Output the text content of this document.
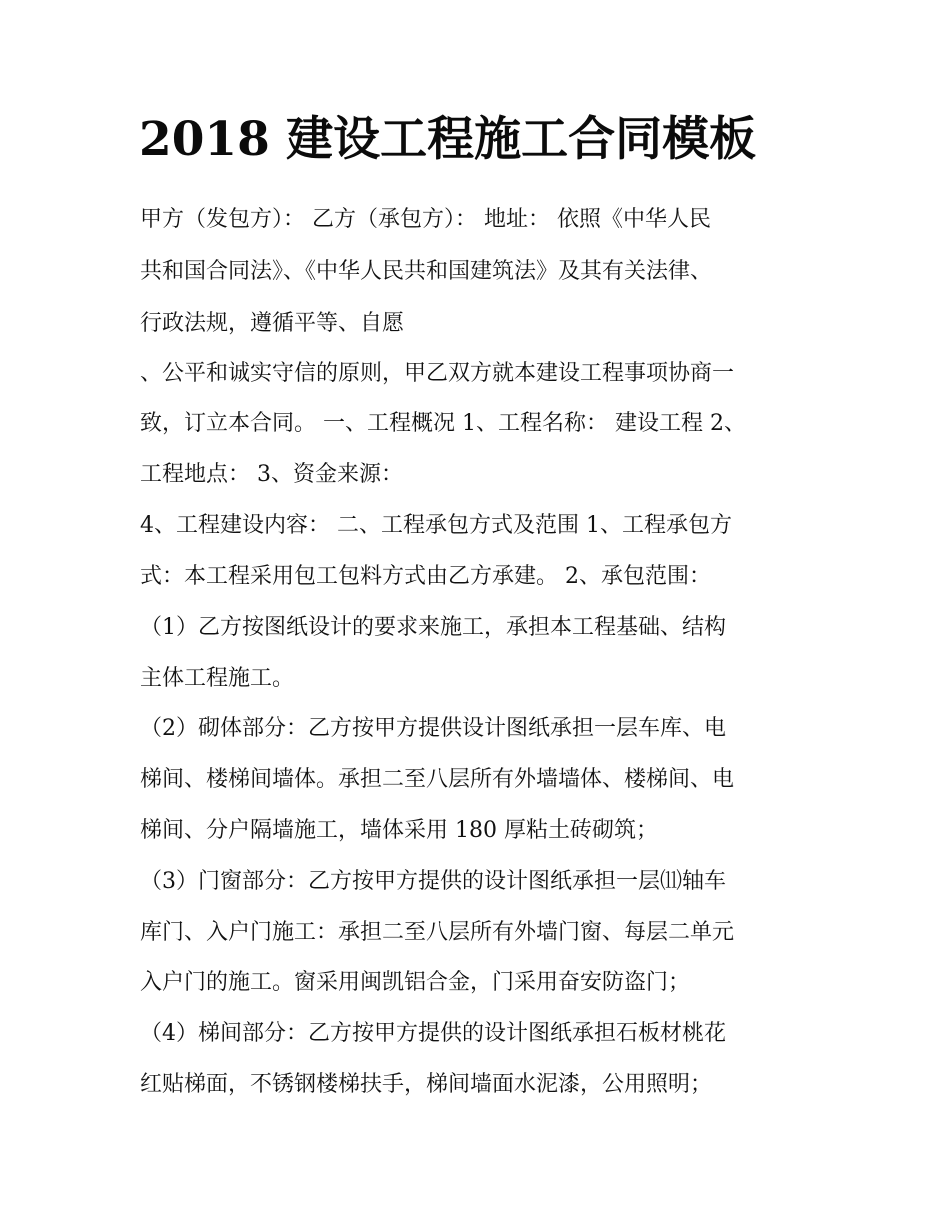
2018 建设工程施工合同模板
甲方（发包方）： 乙方（承包方）： 地址： 依照《中华人民
共和国合同法》、《中华人民共和国建筑法》及其有关法律、
行政法规，遵循平等、自愿
、公平和诚实守信的原则，甲乙双方就本建设工程事项协商一
致，订立本合同。 一、工程概况 1、工程名称： 建设工程 2、
工程地点： 3、资金来源：
4、工程建设内容： 二、工程承包方式及范围 1、工程承包方
式：本工程采用包工包料方式由乙方承建。 2、承包范围：
（1）乙方按图纸设计的要求来施工，承担本工程基础、结构
主体工程施工。
（2）砌体部分：乙方按甲方提供设计图纸承担一层车库、电
梯间、楼梯间墙体。承担二至八层所有外墙墙体、楼梯间、电
梯间、分户隔墙施工，墙体采用 180 厚粘土砖砌筑；
（3）门窗部分：乙方按甲方提供的设计图纸承担一层⑾轴车
库门、入户门施工：承担二至八层所有外墙门窗、每层二单元
入户门的施工。窗采用闽凯铝合金，门采用奋安防盗门；
（4）梯间部分：乙方按甲方提供的设计图纸承担石板材桃花
红贴梯面，不锈钢楼梯扶手，梯间墙面水泥漆，公用照明；
